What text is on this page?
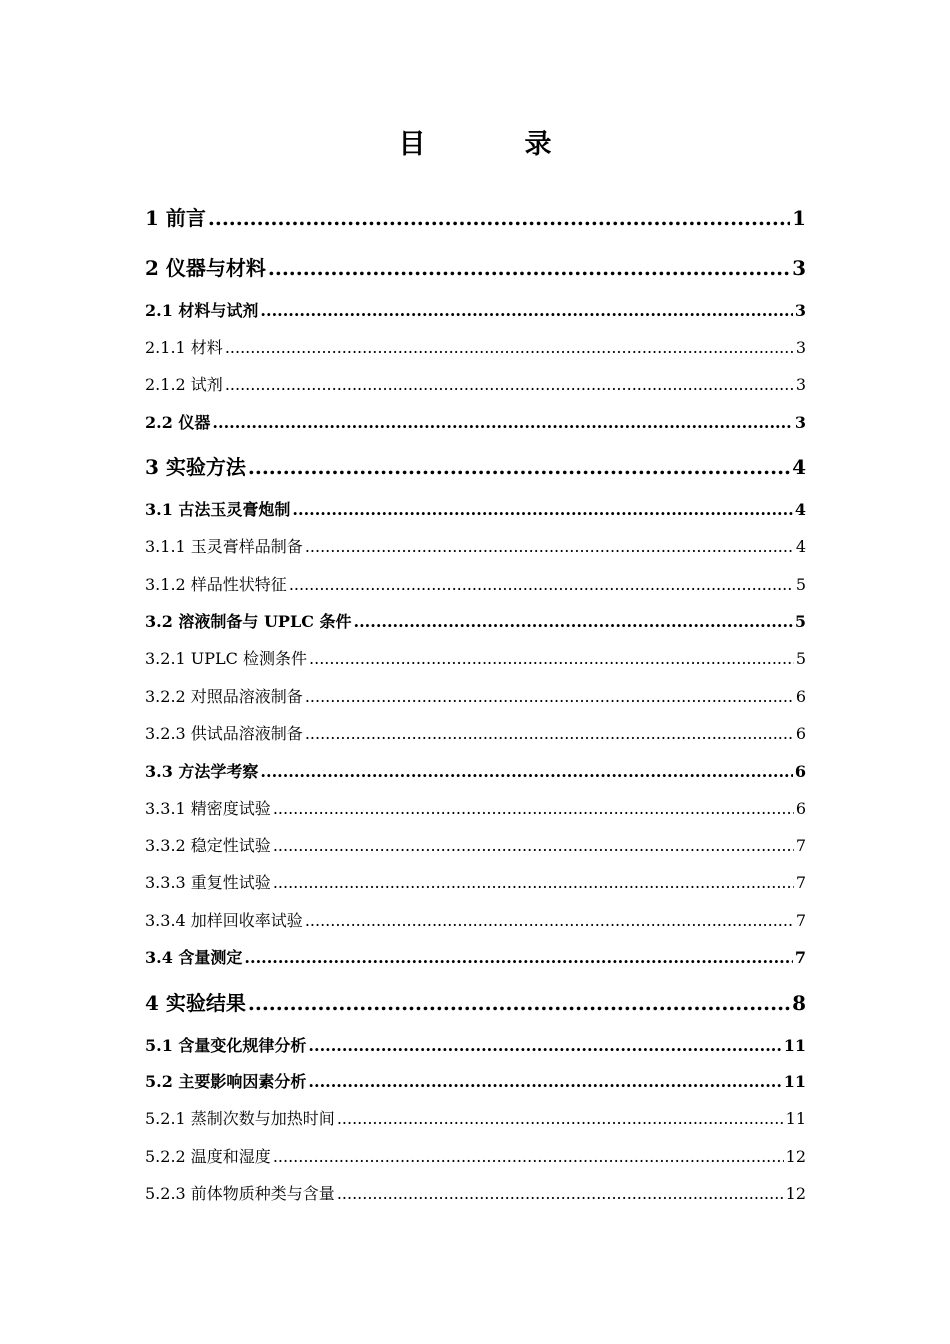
目　录
1 前言 .....	1
2 仪器与材料 .....	3
2.1 材料与试剂 .....	3
2.1.1 材料 .....	3
2.1.2 试剂 .....	3
2.2 仪器 .....	3
3 实验方法 .....	4
3.1 古法玉灵膏炮制 .....	4
3.1.1 玉灵膏样品制备 .....	4
3.1.2 样品性状特征 .....	5
3.2 溶液制备与 UPLC 条件 .....	5
3.2.1 UPLC 检测条件 .....	5
3.2.2 对照品溶液制备 .....	6
3.2.3 供试品溶液制备 .....	6
3.3 方法学考察 .....	6
3.3.1 精密度试验 .....	6
3.3.2 稳定性试验 .....	7
3.3.3 重复性试验 .....	7
3.3.4 加样回收率试验 .....	7
3.4 含量测定 .....	7
4 实验结果 .....	8
5.1 含量变化规律分析 .....	11
5.2 主要影响因素分析 .....	11
5.2.1 蒸制次数与加热时间 .....	11
5.2.2 温度和湿度 .....	12
5.2.3 前体物质种类与含量 .....	12
